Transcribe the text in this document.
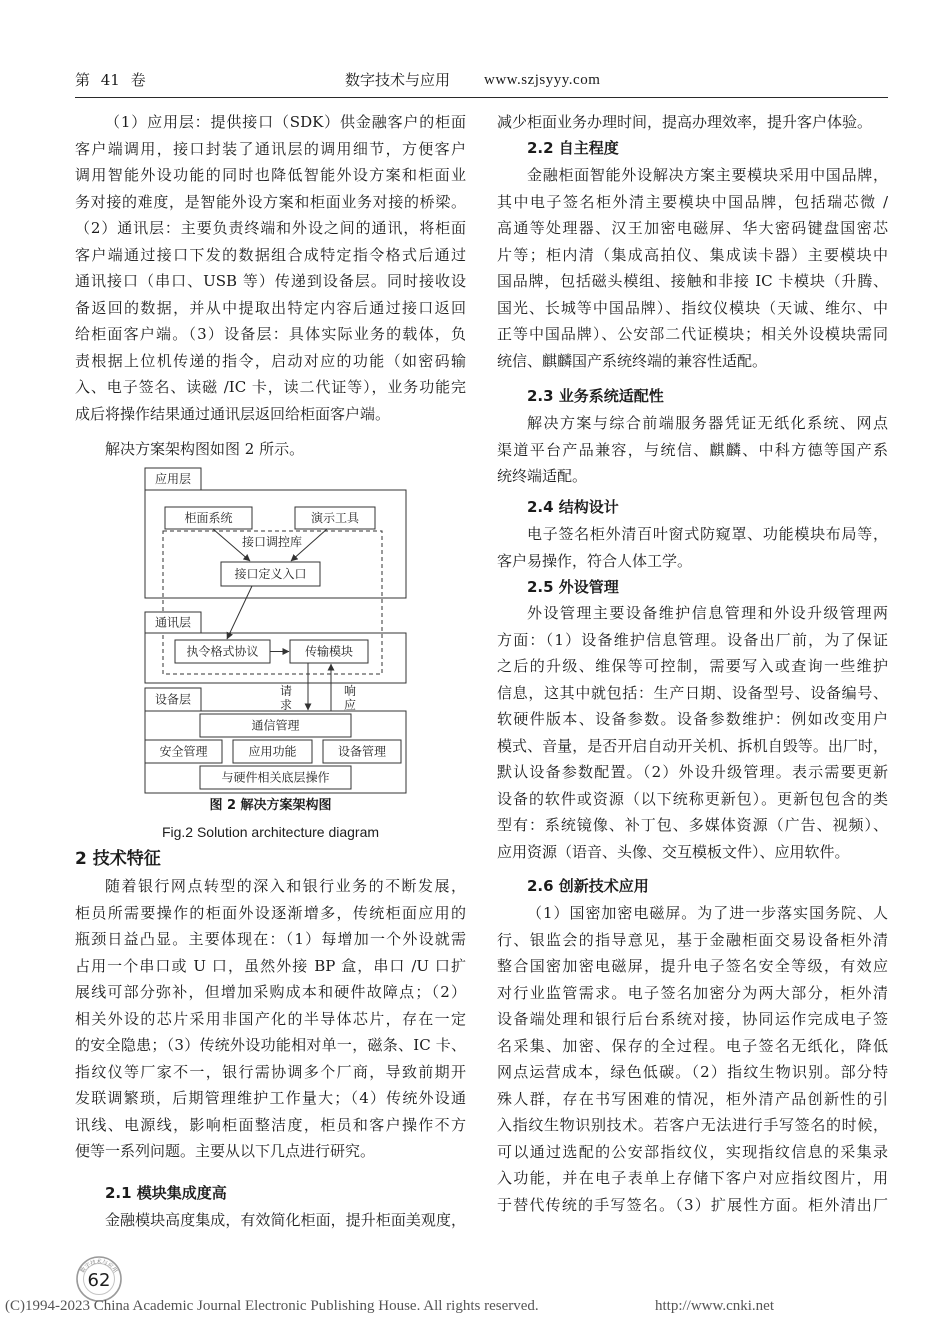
第 41 卷	数字技术与应用 www.szjsyyy.com
（1）应用层：提供接口（SDK）供金融客户的柜面
客户端调用，接口封装了通讯层的调用细节，方便客户
调用智能外设功能的同时也降低智能外设方案和柜面业
务对接的难度，是智能外设方案和柜面业务对接的桥梁。
（2）通讯层：主要负责终端和外设之间的通讯，将柜面
客户端通过接口下发的数据组合成特定指令格式后通过
通讯接口（串口、USB 等）传递到设备层。同时接收设
备返回的数据，并从中提取出特定内容后通过接口返回
给柜面客户端。（3）设备层：具体实际业务的载体，负
责根据上位机传递的指令，启动对应的功能（如密码输
入、电子签名、读磁 /IC 卡，读二代证等），业务功能完
成后将操作结果通过通讯层返回给柜面客户端。
解决方案架构图如图 2 所示。
应用层
柜面系统	演示工具
接口调控库
接口定义入口
通讯层
执令格式协议	传输模块
设备层
通信管理
安全管理	应用功能	设备管理
与硬件相关底层操作
请
求
响
应
图 2 解决方案架构图
Fig.2 Solution architecture diagram
2 技术特征
随着银行网点转型的深入和银行业务的不断发展，
柜员所需要操作的柜面外设逐渐增多，传统柜面应用的
瓶颈日益凸显。主要体现在：（1）每增加一个外设就需
占用一个串口或 U 口，虽然外接 BP 盒，串口 /U 口扩
展线可部分弥补，但增加采购成本和硬件故障点；（2）
相关外设的芯片采用非国产化的半导体芯片，存在一定
的安全隐患；（3）传统外设功能相对单一，磁条、IC 卡、
指纹仪等厂家不一，银行需协调多个厂商，导致前期开
发联调繁琐，后期管理维护工作量大；（4）传统外设通
讯线、电源线，影响柜面整洁度，柜员和客户操作不方
便等一系列问题。主要从以下几点进行研究。
2.1 模块集成度高
金融模块高度集成，有效简化柜面，提升柜面美观度，
减少柜面业务办理时间，提高办理效率，提升客户体验。
2.2 自主程度
金融柜面智能外设解决方案主要模块采用中国品牌，
其中电子签名柜外清主要模块中国品牌，包括瑞芯微 /
高通等处理器、汉王加密电磁屏、华大密码键盘国密芯
片等；柜内清（集成高拍仪、集成读卡器）主要模块中
国品牌，包括磁头模组、接触和非接 IC 卡模块（升腾、
国光、长城等中国品牌）、指纹仪模块（天诚、维尔、中
正等中国品牌）、公安部二代证模块；相关外设模块需同
统信、麒麟国产系统终端的兼容性适配。
2.3 业务系统适配性
解决方案与综合前端服务器凭证无纸化系统、网点
渠道平台产品兼容，与统信、麒麟、中科方德等国产系
统终端适配。
2.4 结构设计
电子签名柜外清百叶窗式防窥罩、功能模块布局等，
客户易操作，符合人体工学。
2.5 外设管理
外设管理主要设备维护信息管理和外设升级管理两
方面：（1）设备维护信息管理。设备出厂前，为了保证
之后的升级、维保等可控制，需要写入或查询一些维护
信息，这其中就包括：生产日期、设备型号、设备编号、
软硬件版本、设备参数。设备参数维护：例如改变用户
模式、音量，是否开启自动开关机、拆机自毁等。出厂时，
默认设备参数配置。（2）外设升级管理。表示需要更新
设备的软件或资源（以下统称更新包）。更新包包含的类
型有：系统镜像、补丁包、多媒体资源（广告、视频）、
应用资源（语音、头像、交互模板文件）、应用软件。
2.6 创新技术应用
（1）国密加密电磁屏。为了进一步落实国务院、人
行、银监会的指导意见，基于金融柜面交易设备柜外清
整合国密加密电磁屏，提升电子签名安全等级，有效应
对行业监管需求。电子签名加密分为两大部分，柜外清
设备端处理和银行后台系统对接，协同运作完成电子签
名采集、加密、保存的全过程。电子签名无纸化，降低
网点运营成本，绿色低碳。（2）指纹生物识别。部分特
殊人群，存在书写困难的情况，柜外清产品创新性的引
入指纹生物识别技术。若客户无法进行手写签名的时候，
可以通过选配的公安部指纹仪，实现指纹信息的采集录
入功能，并在电子表单上存储下客户对应指纹图片，用
于替代传统的手写签名。（3）扩展性方面。柜外清出厂
数字技术与应用
62
(C)1994-2023 China Academic Journal Electronic Publishing House. All rights reserved.	http://www.cnki.net
